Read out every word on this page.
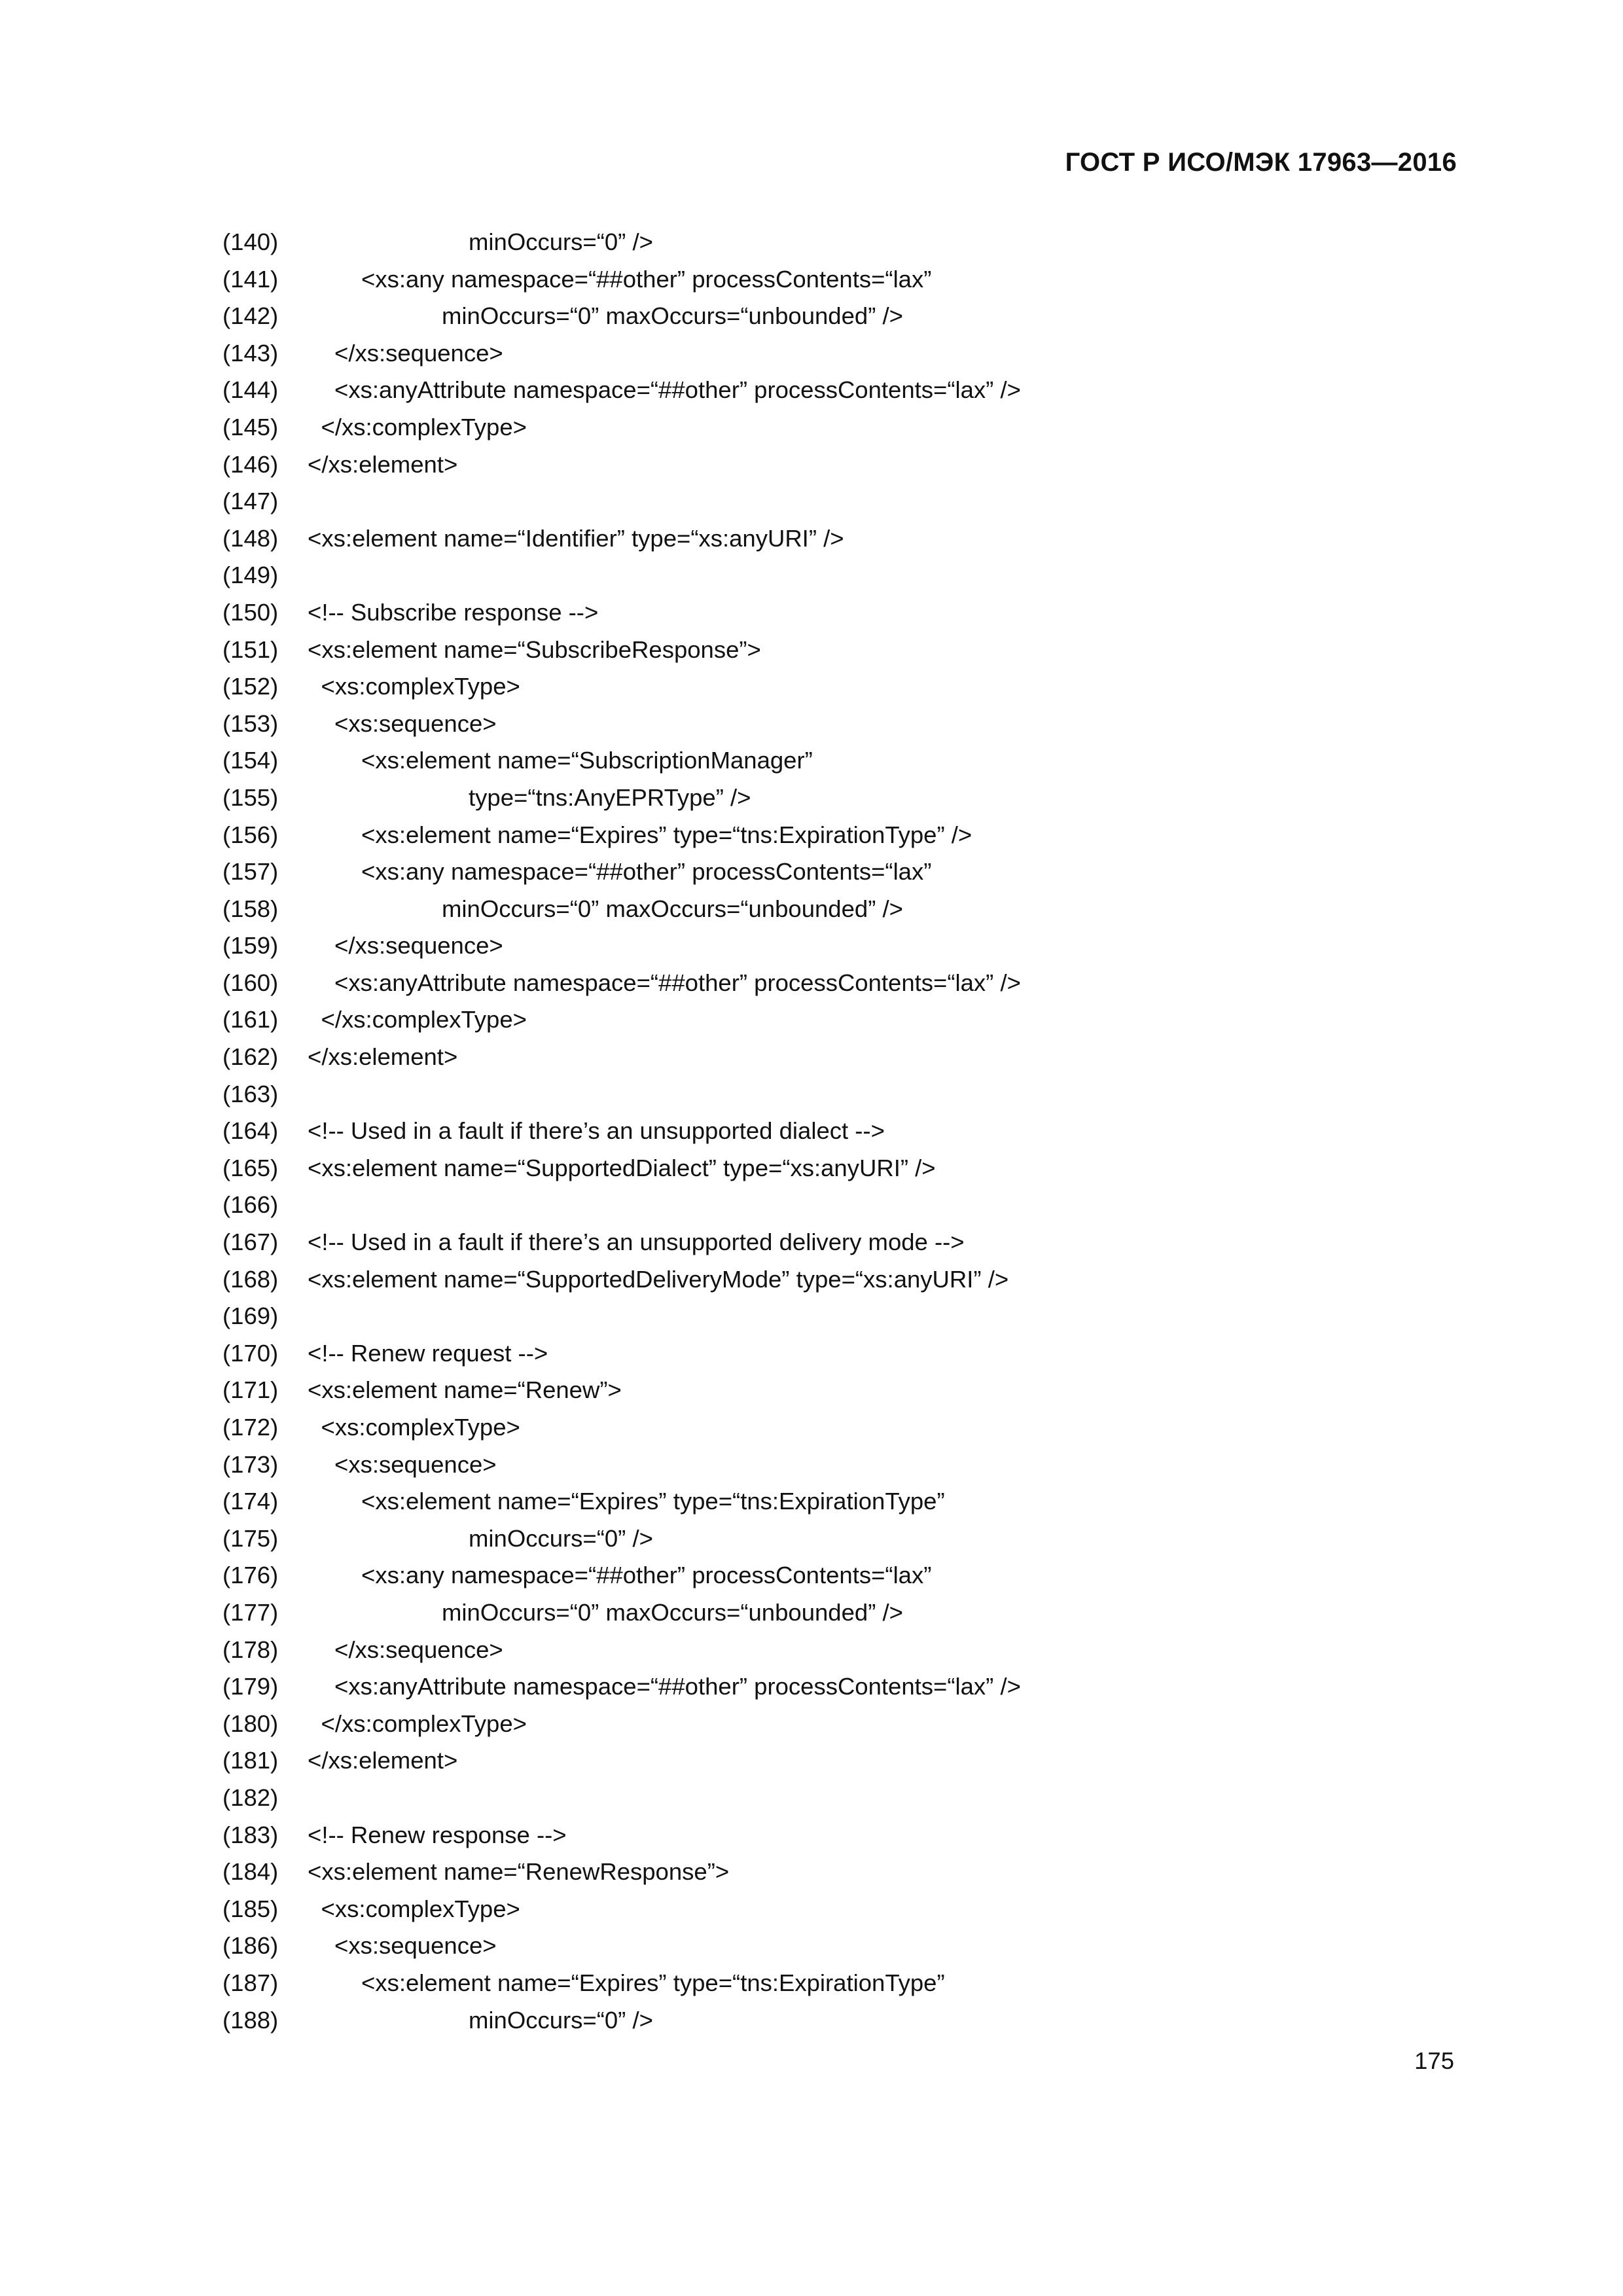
ГОСТ Р ИСО/МЭК 17963—2016
(140)	minOccurs=“0” />
(141)	<xs:any namespace=“##other” processContents=“lax”
(142)	minOccurs=“0” maxOccurs=“unbounded” />
(143) </xs:sequence>
(144) <xs:anyAttribute namespace=“##other” processContents=“lax” />
(145) </xs:complexType>
(146) </xs:element>
(147)
(148) <xs:element name=“Identifier” type=“xs:anyURI” />
(149)
(150) <!-- Subscribe response -->
(151) <xs:element name=“SubscribeResponse”>
(152) <xs:complexType>
(153) <xs:sequence>
(154)	<xs:element name=“SubscriptionManager”
(155)	type=“tns:AnyEPRType” />
(156)	<xs:element name=“Expires” type=“tns:ExpirationType” />
(157)	<xs:any namespace=“##other” processContents=“lax”
(158)	minOccurs=“0” maxOccurs=“unbounded” />
(159) </xs:sequence>
(160) <xs:anyAttribute namespace=“##other” processContents=“lax” />
(161) </xs:complexType>
(162) </xs:element>
(163)
(164) <!-- Used in a fault if there’s an unsupported dialect -->
(165) <xs:element name=“SupportedDialect” type=“xs:anyURI” />
(166)
(167) <!-- Used in a fault if there’s an unsupported delivery mode -->
(168) <xs:element name=“SupportedDeliveryMode” type=“xs:anyURI” />
(169)
(170) <!-- Renew request -->
(171) <xs:element name=“Renew”>
(172) <xs:complexType>
(173) <xs:sequence>
(174)	<xs:element name=“Expires” type=“tns:ExpirationType”
(175)	minOccurs=“0” />
(176)	<xs:any namespace=“##other” processContents=“lax”
(177)	minOccurs=“0” maxOccurs=“unbounded” />
(178) </xs:sequence>
(179) <xs:anyAttribute namespace=“##other” processContents=“lax” />
(180) </xs:complexType>
(181) </xs:element>
(182)
(183) <!-- Renew response -->
(184) <xs:element name=“RenewResponse”>
(185) <xs:complexType>
(186) <xs:sequence>
(187)	<xs:element name=“Expires” type=“tns:ExpirationType”
(188)	minOccurs=“0” />
175
